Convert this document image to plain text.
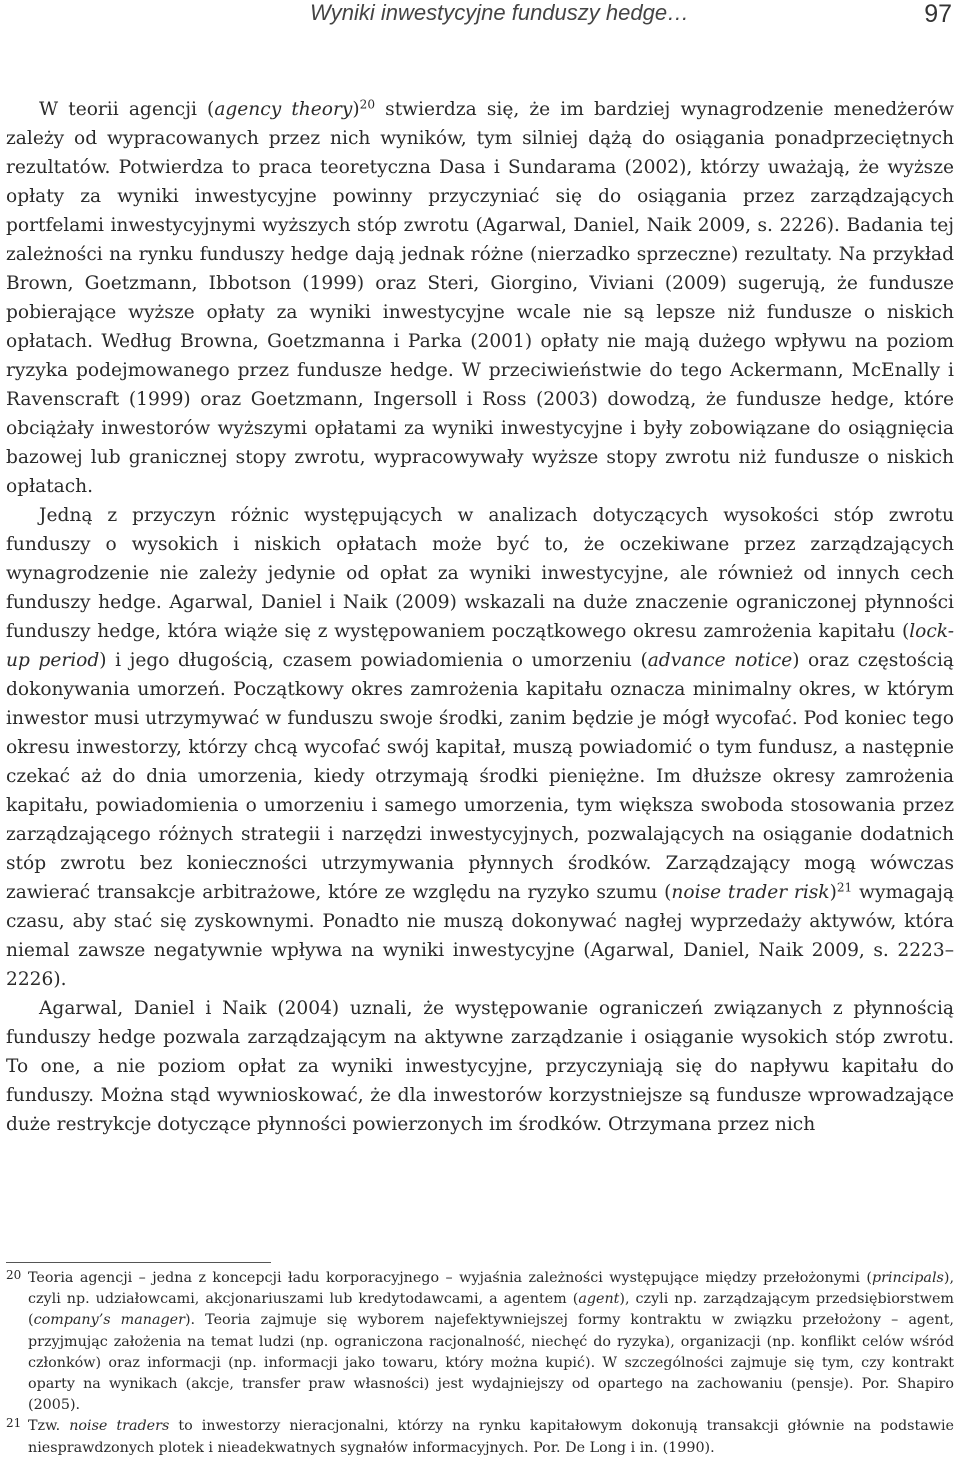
Wyniki inwestycyjne funduszy hedge…	97

W teorii agencji (agency theory)$^{20}$ stwierdza się, że im bardziej wynagrodzenie menedżerów zależy od wypracowanych przez nich wyników, tym silniej dążą do osiągania ponadprzeciętnych rezultatów. Potwierdza to praca teoretyczna Dasa i Sundarama (2002), którzy uważają, że wyższe opłaty za wyniki inwestycyjne powinny przyczyniać się do osiągania przez zarządzających portfelami inwestycyjnymi wyższych stóp zwrotu (Agarwal, Daniel, Naik 2009, s. 2226). Badania tej zależności na rynku funduszy hedge dają jednak różne (nierzadko sprzeczne) rezultaty. Na przykład Brown, Goetzmann, Ibbotson (1999) oraz Steri, Giorgino, Viviani (2009) sugerują, że fundusze pobierające wyższe opłaty za wyniki inwestycyjne wcale nie są lepsze niż fundusze o niskich opłatach. Według Browna, Goetzmanna i Parka (2001) opłaty nie mają dużego wpływu na poziom ryzyka podejmowanego przez fundusze hedge. W przeciwieństwie do tego Ackermann, McEnally i Ravenscraft (1999) oraz Goetzmann, Ingersoll i Ross (2003) dowodzą, że fundusze hedge, które obciążały inwestorów wyższymi opłatami za wyniki inwestycyjne i były zobowiązane do osiągnięcia bazowej lub granicznej stopy zwrotu, wypracowywały wyższe stopy zwrotu niż fundusze o niskich opłatach.

Jedną z przyczyn różnic występujących w analizach dotyczących wysokości stóp zwrotu funduszy o wysokich i niskich opłatach może być to, że oczekiwane przez zarządzających wynagrodzenie nie zależy jedynie od opłat za wyniki inwestycyjne, ale również od innych cech funduszy hedge. Agarwal, Daniel i Naik (2009) wskazali na duże znaczenie ograniczonej płynności funduszy hedge, która wiąże się z występowaniem początkowego okresu zamrożenia kapitału (lock-up period) i jego długością, czasem powiadomienia o umorzeniu (advance notice) oraz częstością dokonywania umorzeń. Początkowy okres zamrożenia kapitału oznacza minimalny okres, w którym inwestor musi utrzymywać w funduszu swoje środki, zanim będzie je mógł wycofać. Pod koniec tego okresu inwestorzy, którzy chcą wycofać swój kapitał, muszą powiadomić o tym fundusz, a następnie czekać aż do dnia umorzenia, kiedy otrzymają środki pieniężne. Im dłuższe okresy zamrożenia kapitału, powiadomienia o umorzeniu i samego umorzenia, tym większa swoboda stosowania przez zarządzającego różnych strategii i narzędzi inwestycyjnych, pozwalających na osiąganie dodatnich stóp zwrotu bez konieczności utrzymywania płynnych środków. Zarządzający mogą wówczas zawierać transakcje arbitrażowe, które ze względu na ryzyko szumu (noise trader risk)$^{21}$ wymagają czasu, aby stać się zyskownymi. Ponadto nie muszą dokonywać nagłej wyprzedaży aktywów, która niemal zawsze negatywnie wpływa na wyniki inwestycyjne (Agarwal, Daniel, Naik 2009, s. 2223–2226).

Agarwal, Daniel i Naik (2004) uznali, że występowanie ograniczeń związanych z płynnością funduszy hedge pozwala zarządzającym na aktywne zarządzanie i osiąganie wysokich stóp zwrotu. To one, a nie poziom opłat za wyniki inwestycyjne, przyczyniają się do napływu kapitału do funduszy. Można stąd wywnioskować, że dla inwestorów korzystniejsze są fundusze wprowadzające duże restrykcje dotyczące płynności powierzonych im środków. Otrzymana przez nich

20 Teoria agencji – jedna z koncepcji ładu korporacyjnego – wyjaśnia zależności występujące między przełożonymi (principals), czyli np. udziałowcami, akcjonariuszami lub kredytodawcami, a agentem (agent), czyli np. zarządzającym przedsiębiorstwem (company’s manager). Teoria zajmuje się wyborem najefektywniejszej formy kontraktu w związku przełożony – agent, przyjmując założenia na temat ludzi (np. ograniczona racjonalność, niechęć do ryzyka), organizacji (np. konflikt celów wśród członków) oraz informacji (np. informacji jako towaru, który można kupić). W szczególności zajmuje się tym, czy kontrakt oparty na wynikach (akcje, transfer praw własności) jest wydajniejszy od opartego na zachowaniu (pensje). Por. Shapiro (2005).

21 Tzw. noise traders to inwestorzy nieracjonalni, którzy na rynku kapitałowym dokonują transakcji głównie na podstawie niesprawdzonych plotek i nieadekwatnych sygnałów informacyjnych. Por. De Long i in. (1990).
